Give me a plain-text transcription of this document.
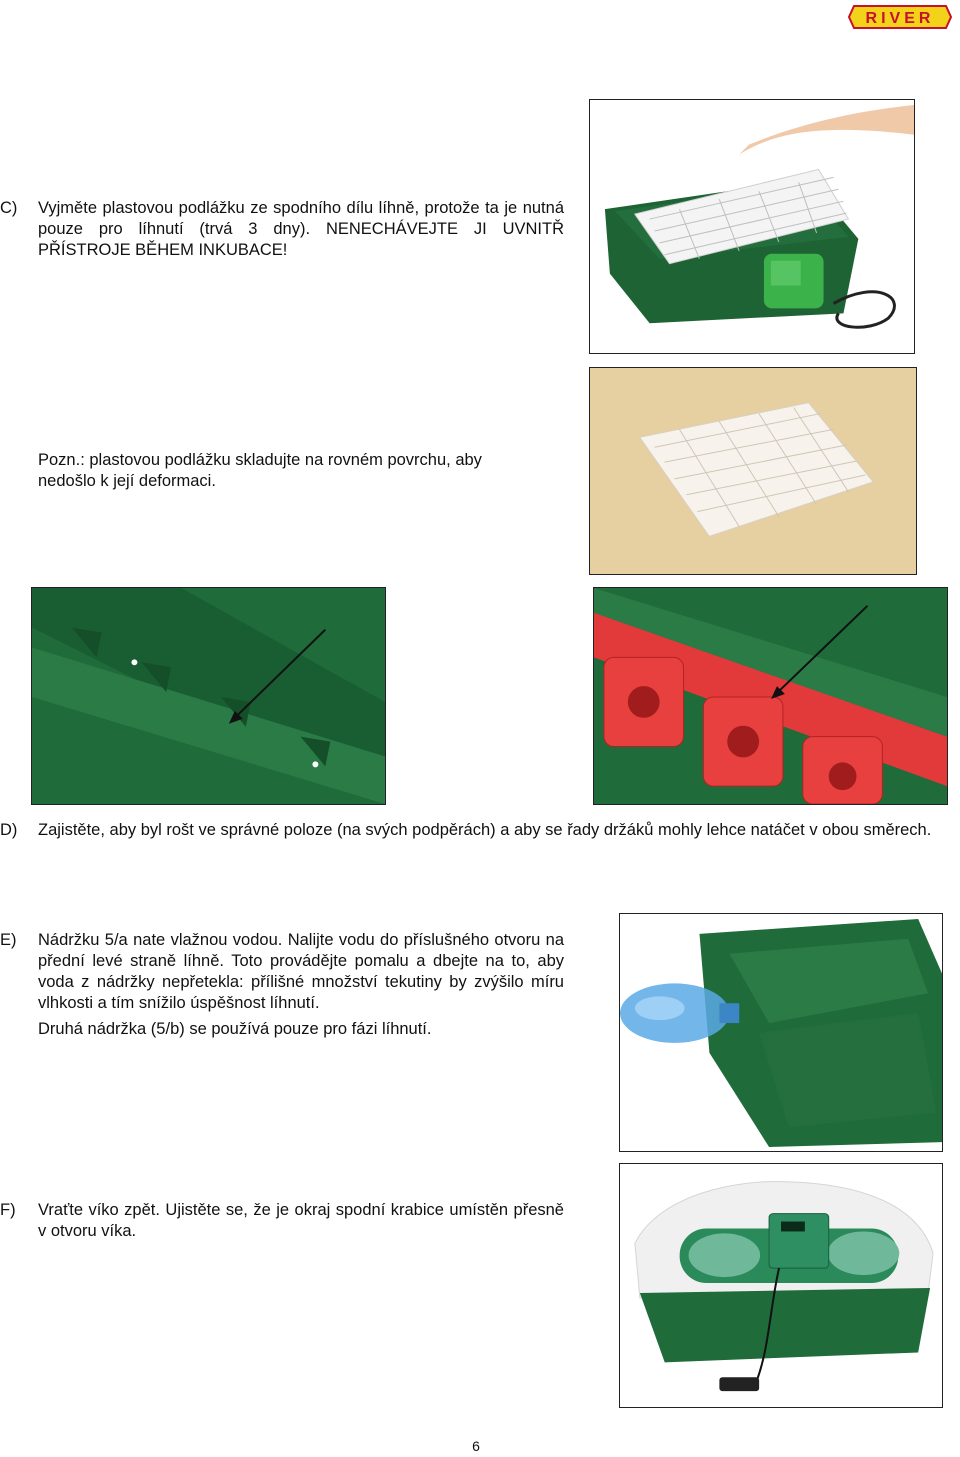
RIVER
C) Vyjměte plastovou podlážku ze spodního dílu líhně, protože ta je nutná pouze pro líhnutí (trvá 3 dny). NENECHÁVEJTE JI UVNITŘ PŘÍSTROJE BĚHEM INKUBACE!
Pozn.: plastovou podlážku skladujte na rovném povrchu, aby nedošlo k její deformaci.
D) Zajistěte, aby byl rošt ve správné poloze (na svých podpěrách) a aby se řady držáků mohly lehce natáčet v obou směrech.
E) Nádržku 5/a nate vlažnou vodou. Nalijte vodu do příslušného otvoru na přední levé straně líhně. Toto provádějte pomalu a dbejte na to, aby voda z nádržky nepřetekla: přílišné množství tekutiny by zvýšilo míru vlhkosti a tím snížilo úspěšnost líhnutí.
Druhá nádržka (5/b) se používá pouze pro fázi líhnutí.
F) Vraťte víko zpět. Ujistěte se, že je okraj spodní krabice umístěn přesně v otvoru víka.
6
